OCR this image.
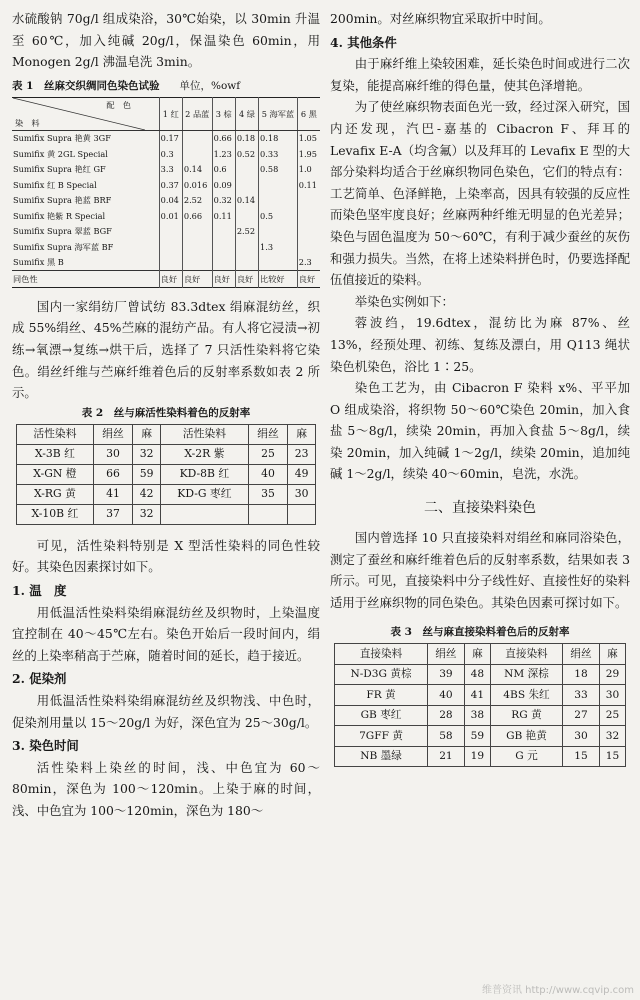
水硫酸钠 70g/l 组成染浴，30℃始染，以 30min 升温至 60℃，加入纯碱 20g/l，保温染色 60min，用 Monogen 2g/l 沸温皂洗 3min。

表 1　丝麻交织绸同色染色试验 单位，%owf
配　色
染　料	1 红	2 品蓝	3 棕	4 绿	5 海军蓝	6 黑
Sumifix Supra 艳黄 3GF	0.17		0.66	0.18	0.18	1.05
Sumifix 黄 2GL Special	0.3		1.23	0.52	0.33	1.95
Sumifix Supra 艳红 GF	3.3	0.14	0.6		0.58	1.0
Sumifix 红 B Special	0.37	0.016	0.09			0.11
Sumifix Supra 艳蓝 BRF	0.04	2.52	0.32	0.14		
Sumifix 艳紫 R Special	0.01	0.66	0.11		0.5	
Sumifix Supra 翠蓝 BGF				2.52		
Sumifix Supra 海军蓝 BF					1.3	
Sumifix 黑 B						2.3
同色性	良好	良好	良好	良好	比较好	良好

国内一家绢纺厂曾试纺 83.3dtex 绢麻混纺丝，织成 55%绢丝、45%苎麻的混纺产品。有人将它浸渍→初练→氧漂→复练→烘干后，选择了 7 只活性染料将它染色。绢丝纤维与苎麻纤维着色后的反射率系数如表 2 所示。

表 2　丝与麻活性染料着色的反射率
活性染料	绢丝	麻	活性染料	绢丝	麻
X-3B 红	30	32	X-2R 紫	25	23
X-GN 橙	66	59	KD-8B 红	40	49
X-RG 黄	41	42	KD-G 枣红	35	30
X-10B 红	37	32			

可见，活性染料特别是 X 型活性染料的同色性较好。其染色因素探讨如下。

1. 温　度

用低温活性染料染绢麻混纺丝及织物时，上染温度宜控制在 40～45℃左右。染色开始后一段时间内，绢丝的上染率稍高于苎麻，随着时间的延长，趋于接近。

2. 促染剂

用低温活性染料染绢麻混纺丝及织物浅、中色时，促染剂用量以 15～20g/l 为好，深色宜为 25～30g/l。

3. 染色时间

活性染料上染丝的时间，浅、中色宜为 60～80min，深色为 100～120min。上染于麻的时间，浅、中色宜为 100～120min，深色为 180～

200min。对丝麻织物宜采取折中时间。

4. 其他条件

由于麻纤维上染较困难，延长染色时间或进行二次复染，能提高麻纤维的得色量，使其色泽增艳。

为了使丝麻织物表面色光一致，经过深入研究，国内还发现，汽巴-嘉基的 Cibacron F、拜耳的 Levafix E-A（均含氟）以及拜耳的 Levafix E 型的大部分染料均适合于丝麻织物同色染色，它们的特点有：工艺简单、色泽鲜艳，上染率高，因具有较强的反应性而染色坚牢度良好；丝麻两种纤维无明显的色光差异；染色与固色温度为 50～60℃，有利于减少蚕丝的灰伤和强力损失。当然，在将上述染料拼色时，仍要选择配伍值接近的染料。

举染色实例如下：

蓉波绉，19.6dtex，混纺比为麻 87%、丝 13%，经预处理、初练、复练及漂白，用 Q113 绳状染色机染色，浴比 1∶25。

染色工艺为，由 Cibacron F 染料 x%、平平加 O 组成染浴，将织物 50～60℃染色 20min，加入食盐 5～8g/l，续染 20min，再加入食盐 5～8g/l，续染 20min，加入纯碱 1～2g/l，续染 20min，追加纯碱 1～2g/l，续染 40～60min，皂洗，水洗。

二、直接染料染色

国内曾选择 10 只直接染料对绢丝和麻同浴染色，测定了蚕丝和麻纤维着色后的反射率系数，结果如表 3 所示。可见，直接染料中分子线性好、直接性好的染料适用于丝麻织物的同色染色。其染色因素可探讨如下。

表 3　丝与麻直接染料着色后的反射率
直接染料	绢丝	麻	直接染料	绢丝	麻
N-D3G 黄棕	39	48	NM 深棕	18	29
FR 黄	40	41	4BS 朱红	33	30
GB 枣红	28	38	RG 黄	27	25
7GFF 黄	58	59	GB 艳黄	30	32
NB 墨绿	21	19	G 元	15	15
维普资讯 http://www.cqvip.com
